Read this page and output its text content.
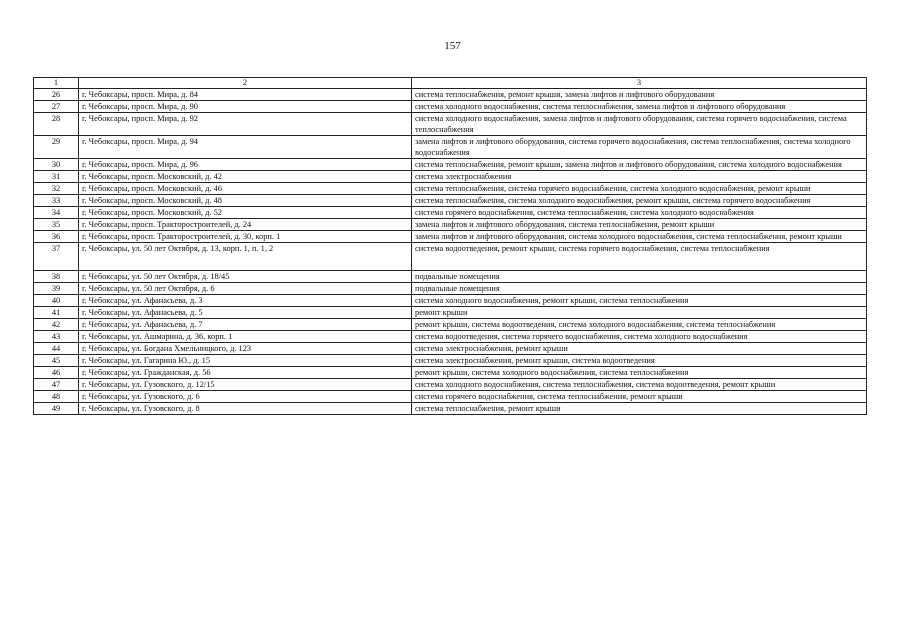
157
1	2	3
26	г. Чебоксары, просп. Мира, д. 84	система теплоснабжения, ремонт крыши, замена лифтов и лифтового оборудования
27	г. Чебоксары, просп. Мира, д. 90	система холодного водоснабжения, система теплоснабжения, замена лифтов и лифтового оборудования
28	г. Чебоксары, просп. Мира, д. 92	система холодного водоснабжения, замена лифтов и лифтового оборудования, система горячего водоснабжения, система теплоснабжения
29	г. Чебоксары, просп. Мира, д. 94	замена лифтов и лифтового оборудования, система горячего водоснабжения, система теплоснабжения, система холодного водоснабжения
30	г. Чебоксары, просп. Мира, д. 96	система теплоснабжения, ремонт крыши, замена лифтов и лифтового оборудования, система холодного водоснабжения
31	г. Чебоксары, просп. Московский, д. 42	система электроснабжения
32	г. Чебоксары, просп. Московский, д. 46	система теплоснабжения, система горячего водоснабжения, система холодного водоснабжения, ремонт крыши
33	г. Чебоксары, просп. Московский, д. 48	система теплоснабжения, система холодного водоснабжения, ремонт крыши, система горячего водоснабжения
34	г. Чебоксары, просп. Московский, д. 52	система горячего водоснабжения, система теплоснабжения, система холодного водоснабжения
35	г. Чебоксары, просп. Тракторостроителей, д. 24	замена лифтов и лифтового оборудования, система теплоснабжения, ремонт крыши
36	г. Чебоксары, просп. Тракторостроителей, д. 30, корп. 1	замена лифтов и лифтового оборудования, система холодного водоснабжения, система теплоснабжения, ремонт крыши
37	г. Чебоксары, ул. 50 лет Октября, д. 13, корп. 1, п. 1, 2	система водоотведения, ремонт крыши, система горячего водоснабжения, система теплоснабжения
38	г. Чебоксары, ул. 50 лет Октября, д. 18/45	подвальные помещения
39	г. Чебоксары, ул. 50 лет Октября, д. 6	подвальные помещения
40	г. Чебоксары, ул. Афанасьева, д. 3	система холодного водоснабжения, ремонт крыши, система теплоснабжения
41	г. Чебоксары, ул. Афанасьева, д. 5	ремонт крыши
42	г. Чебоксары, ул. Афанасьева, д. 7	ремонт крыши, система водоотведения, система холодного водоснабжения, система теплоснабжения
43	г. Чебоксары, ул. Ашмарина, д. 36, корп. 1	система водоотведения, система горячего водоснабжения, система холодного водоснабжения
44	г. Чебоксары, ул. Богдана Хмельницкого, д. 123	система электроснабжения, ремонт крыши
45	г. Чебоксары, ул. Гагарина Ю., д. 15	система электроснабжения, ремонт крыши, система водоотведения
46	г. Чебоксары, ул. Гражданская, д. 56	ремонт крыши, система холодного водоснабжения, система теплоснабжения
47	г. Чебоксары, ул. Гузовского, д. 12/15	система холодного водоснабжения, система теплоснабжения, система водоотведения, ремонт крыши
48	г. Чебоксары, ул. Гузовского, д. 6	система горячего водоснабжения, система теплоснабжения, ремонт крыши
49	г. Чебоксары, ул. Гузовского, д. 8	система теплоснабжения, ремонт крыши
